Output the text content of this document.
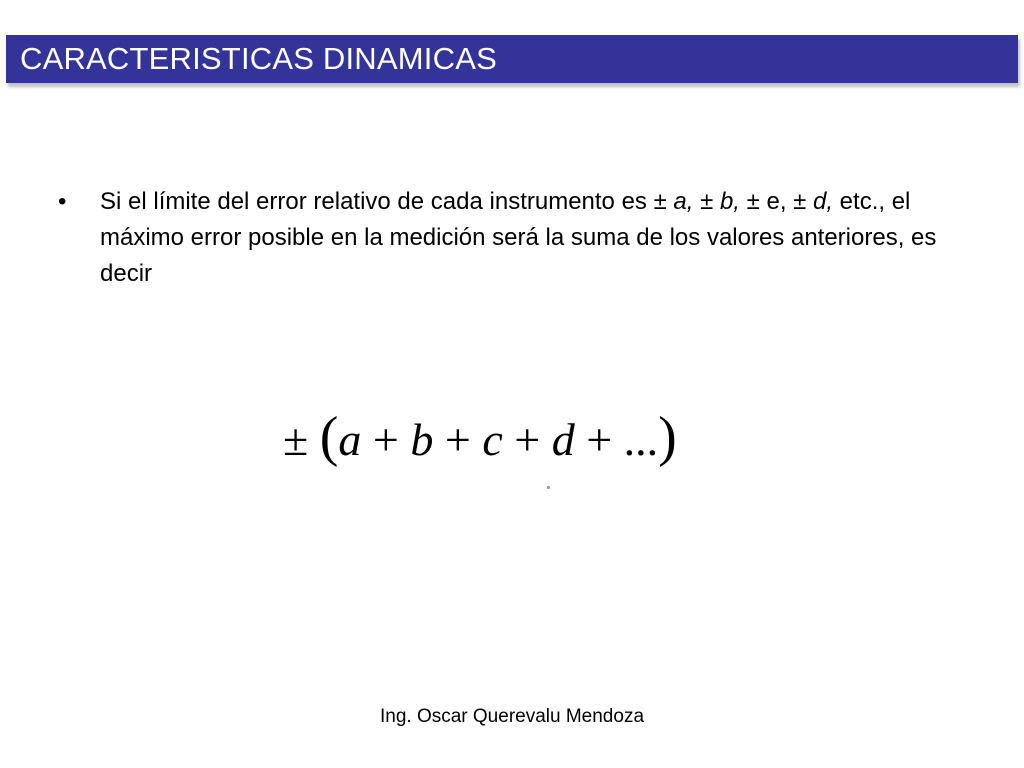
CARACTERISTICAS DINAMICAS
• Si el límite del error relativo de cada instrumento es ± a, ± b, ± e, ± d, etc., el máximo error posible en la medición será la suma de los valores anteriores, es decir
± (a + b + c + d + ...)
Ing. Oscar Querevalu Mendoza
